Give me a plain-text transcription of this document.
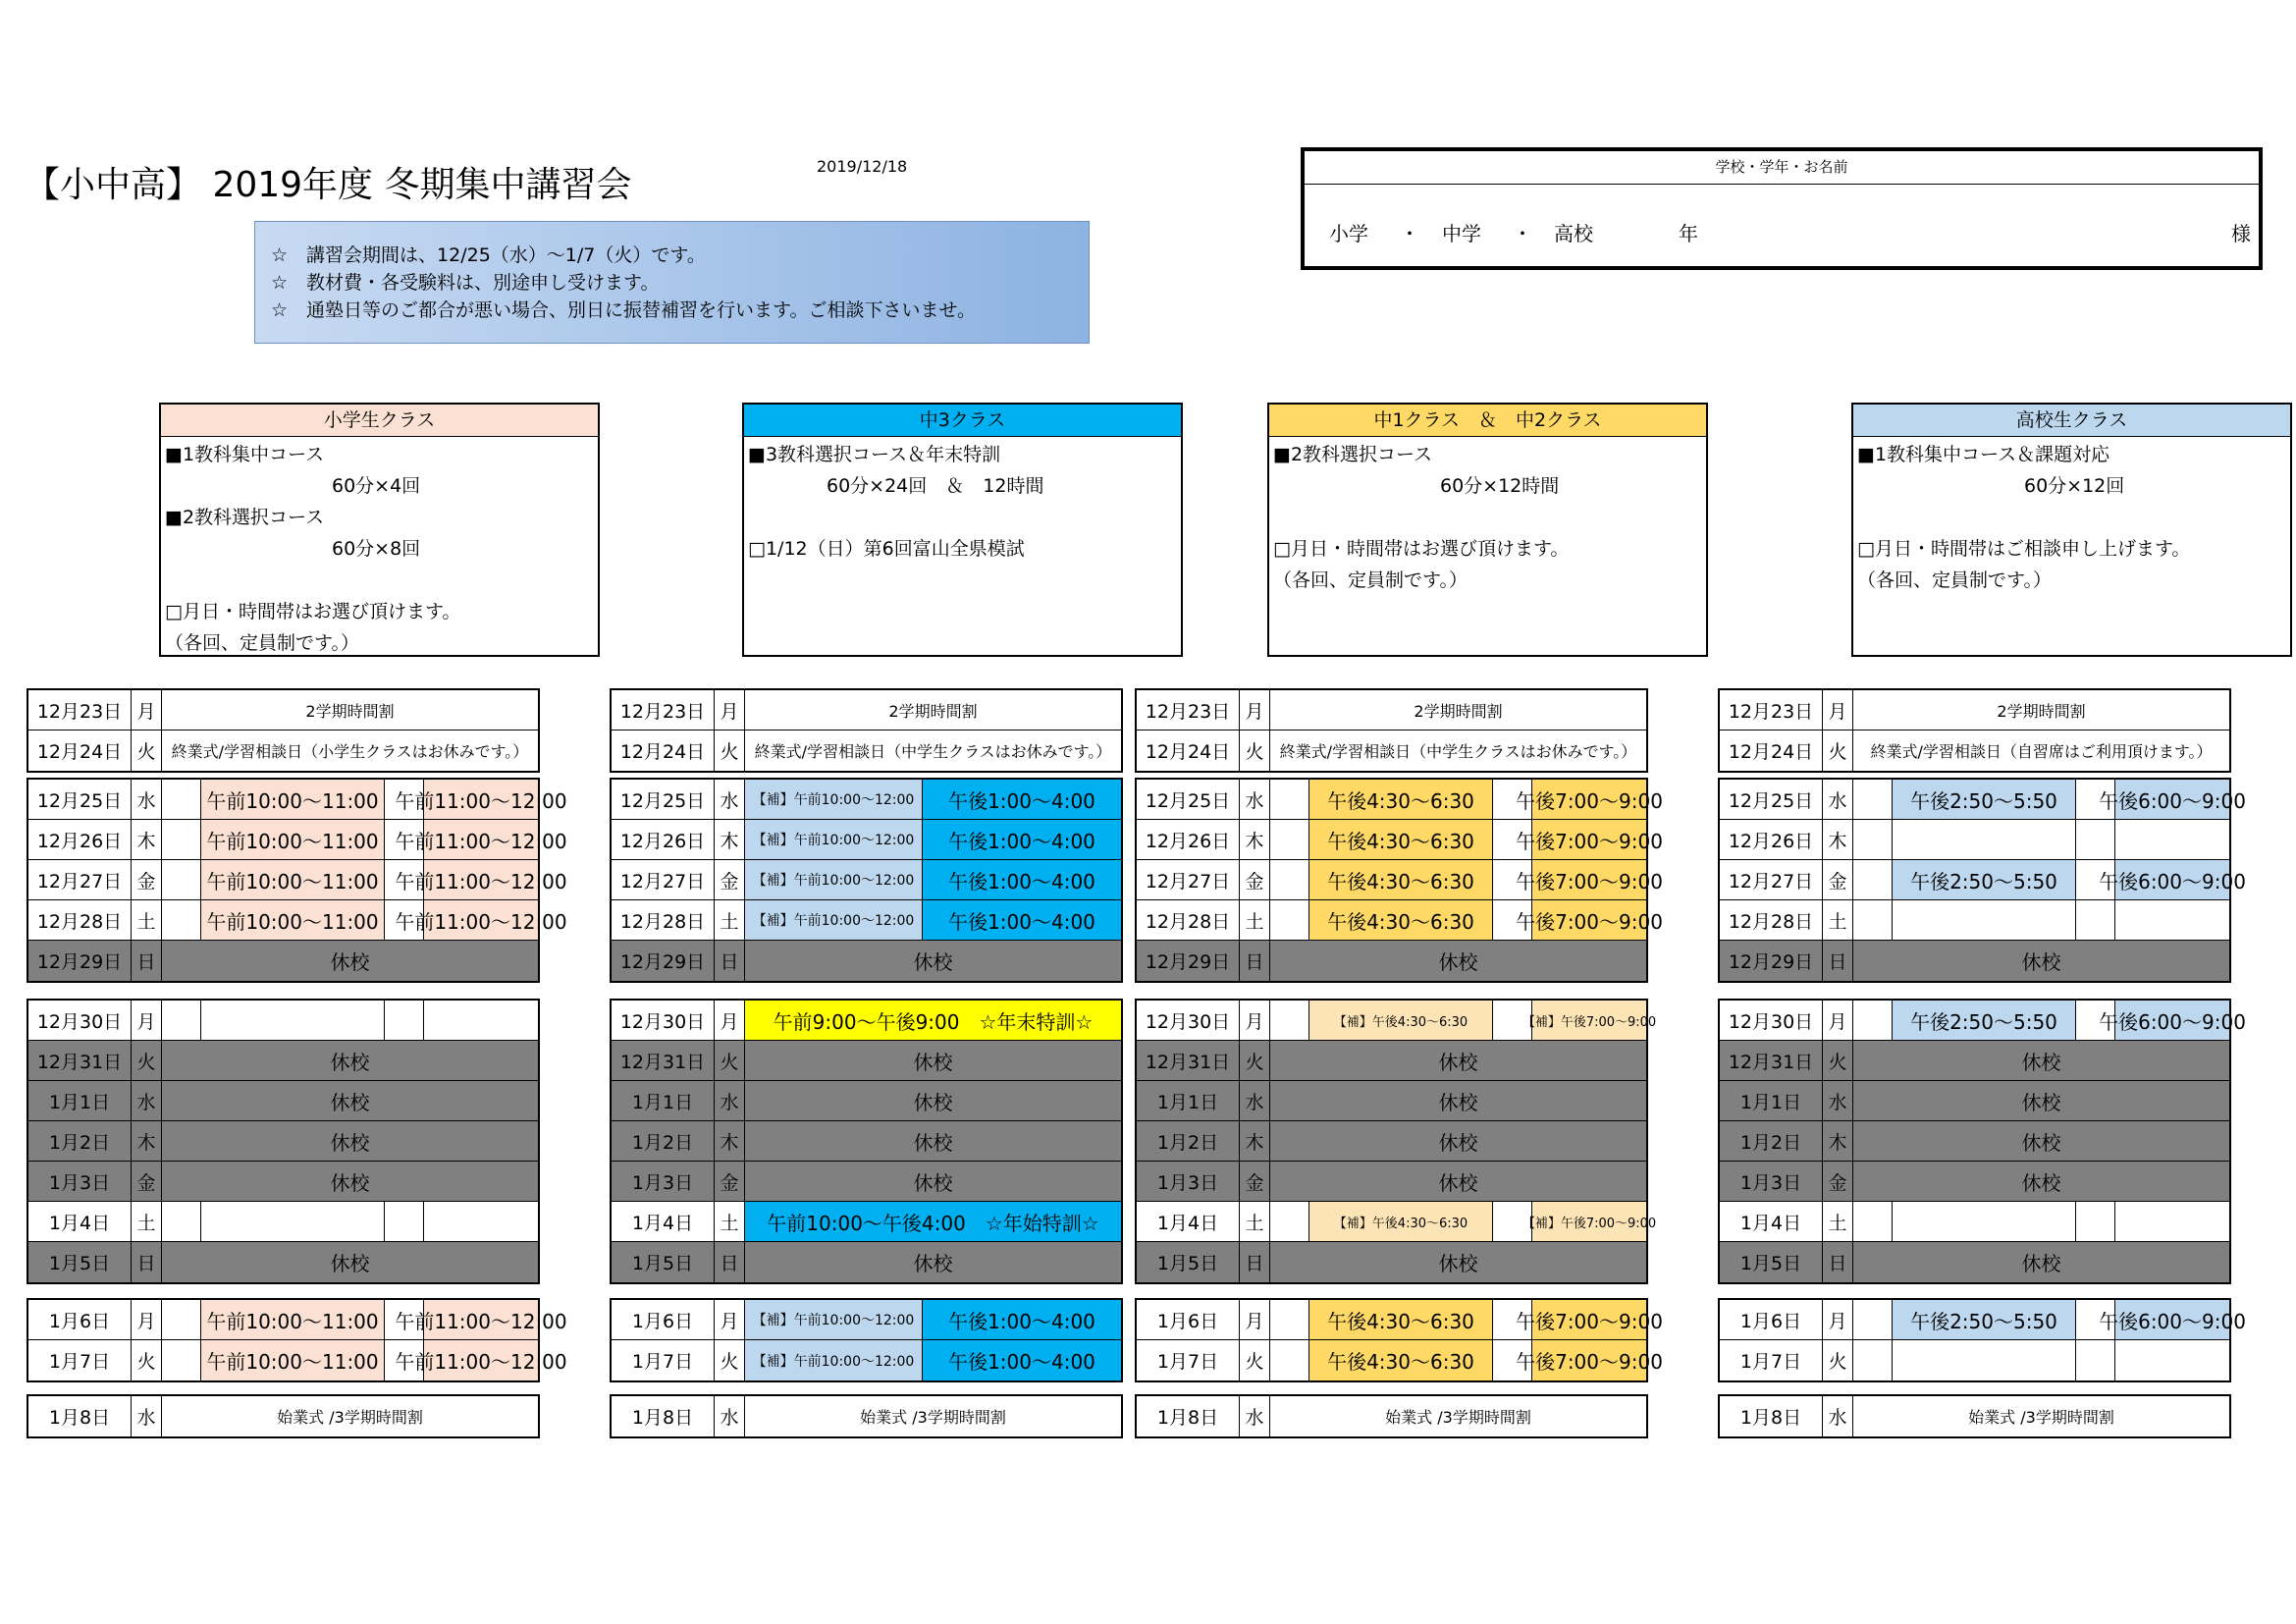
【小中高】 2019年度 冬期集中講習会	2019/12/18	学校・学年・お名前
小学 ・ 中学 ・ 高校	年	様
☆　講習会期間は、12/25（水）～1/7（火）です。
☆　教材費・各受験料は、別途申し受けます。
☆　通塾日等のご都合が悪い場合、別日に振替補習を行います。ご相談下さいませ。
小学生クラス
■1教科集中コース
60分×4回
■2教科選択コース
60分×8回
□月日・時間帯はお選び頂けます。
（各回、定員制です。）
中3クラス
■3教科選択コース＆年末特訓
60分×24回　＆　12時間
□1/12（日）第6回富山全県模試
中1クラス　＆　中2クラス
■2教科選択コース
60分×12時間
□月日・時間帯はお選び頂けます。
（各回、定員制です。）
高校生クラス
■1教科集中コース＆課題対応
60分×12回
□月日・時間帯はご相談申し上げます。
（各回、定員制です。）
12月23日 月	2学期時間割
12月24日 火	終業式/学習相談日（小学生クラスはお休みです。）
12月25日 水	午前10:00～11:00 午前11:00～12:00
12月26日 木	午前10:00～11:00 午前11:00～12:00
12月27日 金	午前10:00～11:00 午前11:00～12:00
12月28日 土	午前10:00～11:00 午前11:00～12:00
12月29日 日	休校
12月30日 月
12月31日 火	休校
1月1日	水	休校
1月2日	木	休校
1月3日	金	休校
1月4日	土
1月5日	日	休校
1月6日	月	午前10:00～11:00 午前11:00～12:00
1月7日	火	午前10:00～11:00 午前11:00～12:00
1月8日	水	始業式 /3学期時間割
12月23日 月	2学期時間割
12月24日 火	終業式/学習相談日（中学生クラスはお休みです。）
12月25日 水	【補】午前10:00～12:00	午後1:00～4:00
12月26日 木	【補】午前10:00～12:00	午後1:00～4:00
12月27日 金	【補】午前10:00～12:00	午後1:00～4:00
12月28日 土	【補】午前10:00～12:00	午後1:00～4:00
12月29日 日	休校
12月30日 月	午前9:00～午後9:00　☆年末特訓☆
12月31日 火	休校
1月1日	水	休校
1月2日	木	休校
1月3日	金	休校
1月4日	土	午前10:00～午後4:00　☆年始特訓☆
1月5日	日	休校
1月6日	月	【補】午前10:00～12:00	午後1:00～4:00
1月7日	火	【補】午前10:00～12:00	午後1:00～4:00
1月8日	水	始業式 /3学期時間割
12月23日 月	2学期時間割
12月24日 火	終業式/学習相談日（中学生クラスはお休みです。）
12月25日 水	午後4:30～6:30	午後7:00～9:00
12月26日 木	午後4:30～6:30	午後7:00～9:00
12月27日 金	午後4:30～6:30	午後7:00～9:00
12月28日 土	午後4:30～6:30	午後7:00～9:00
12月29日 日	休校
12月30日 月	【補】午後4:30～6:30	【補】午後7:00～9:00
12月31日 火	休校
1月1日	水	休校
1月2日	木	休校
1月3日	金	休校
1月4日	土	【補】午後4:30～6:30	【補】午後7:00～9:00
1月5日	日	休校
1月6日	月	午後4:30～6:30	午後7:00～9:00
1月7日	火	午後4:30～6:30	午後7:00～9:00
1月8日	水	始業式 /3学期時間割
12月23日 月	2学期時間割
12月24日 火	終業式/学習相談日（自習席はご利用頂けます。）
12月25日 水	午後2:50～5:50	午後6:00～9:00
12月26日 木
12月27日 金	午後2:50～5:50	午後6:00～9:00
12月28日 土
12月29日 日	休校
12月30日 月	午後2:50～5:50	午後6:00～9:00
12月31日 火	休校
1月1日	水	休校
1月2日	木	休校
1月3日	金	休校
1月4日	土
1月5日	日	休校
1月6日	月	午後2:50～5:50	午後6:00～9:00
1月7日	火
1月8日	水	始業式 /3学期時間割
